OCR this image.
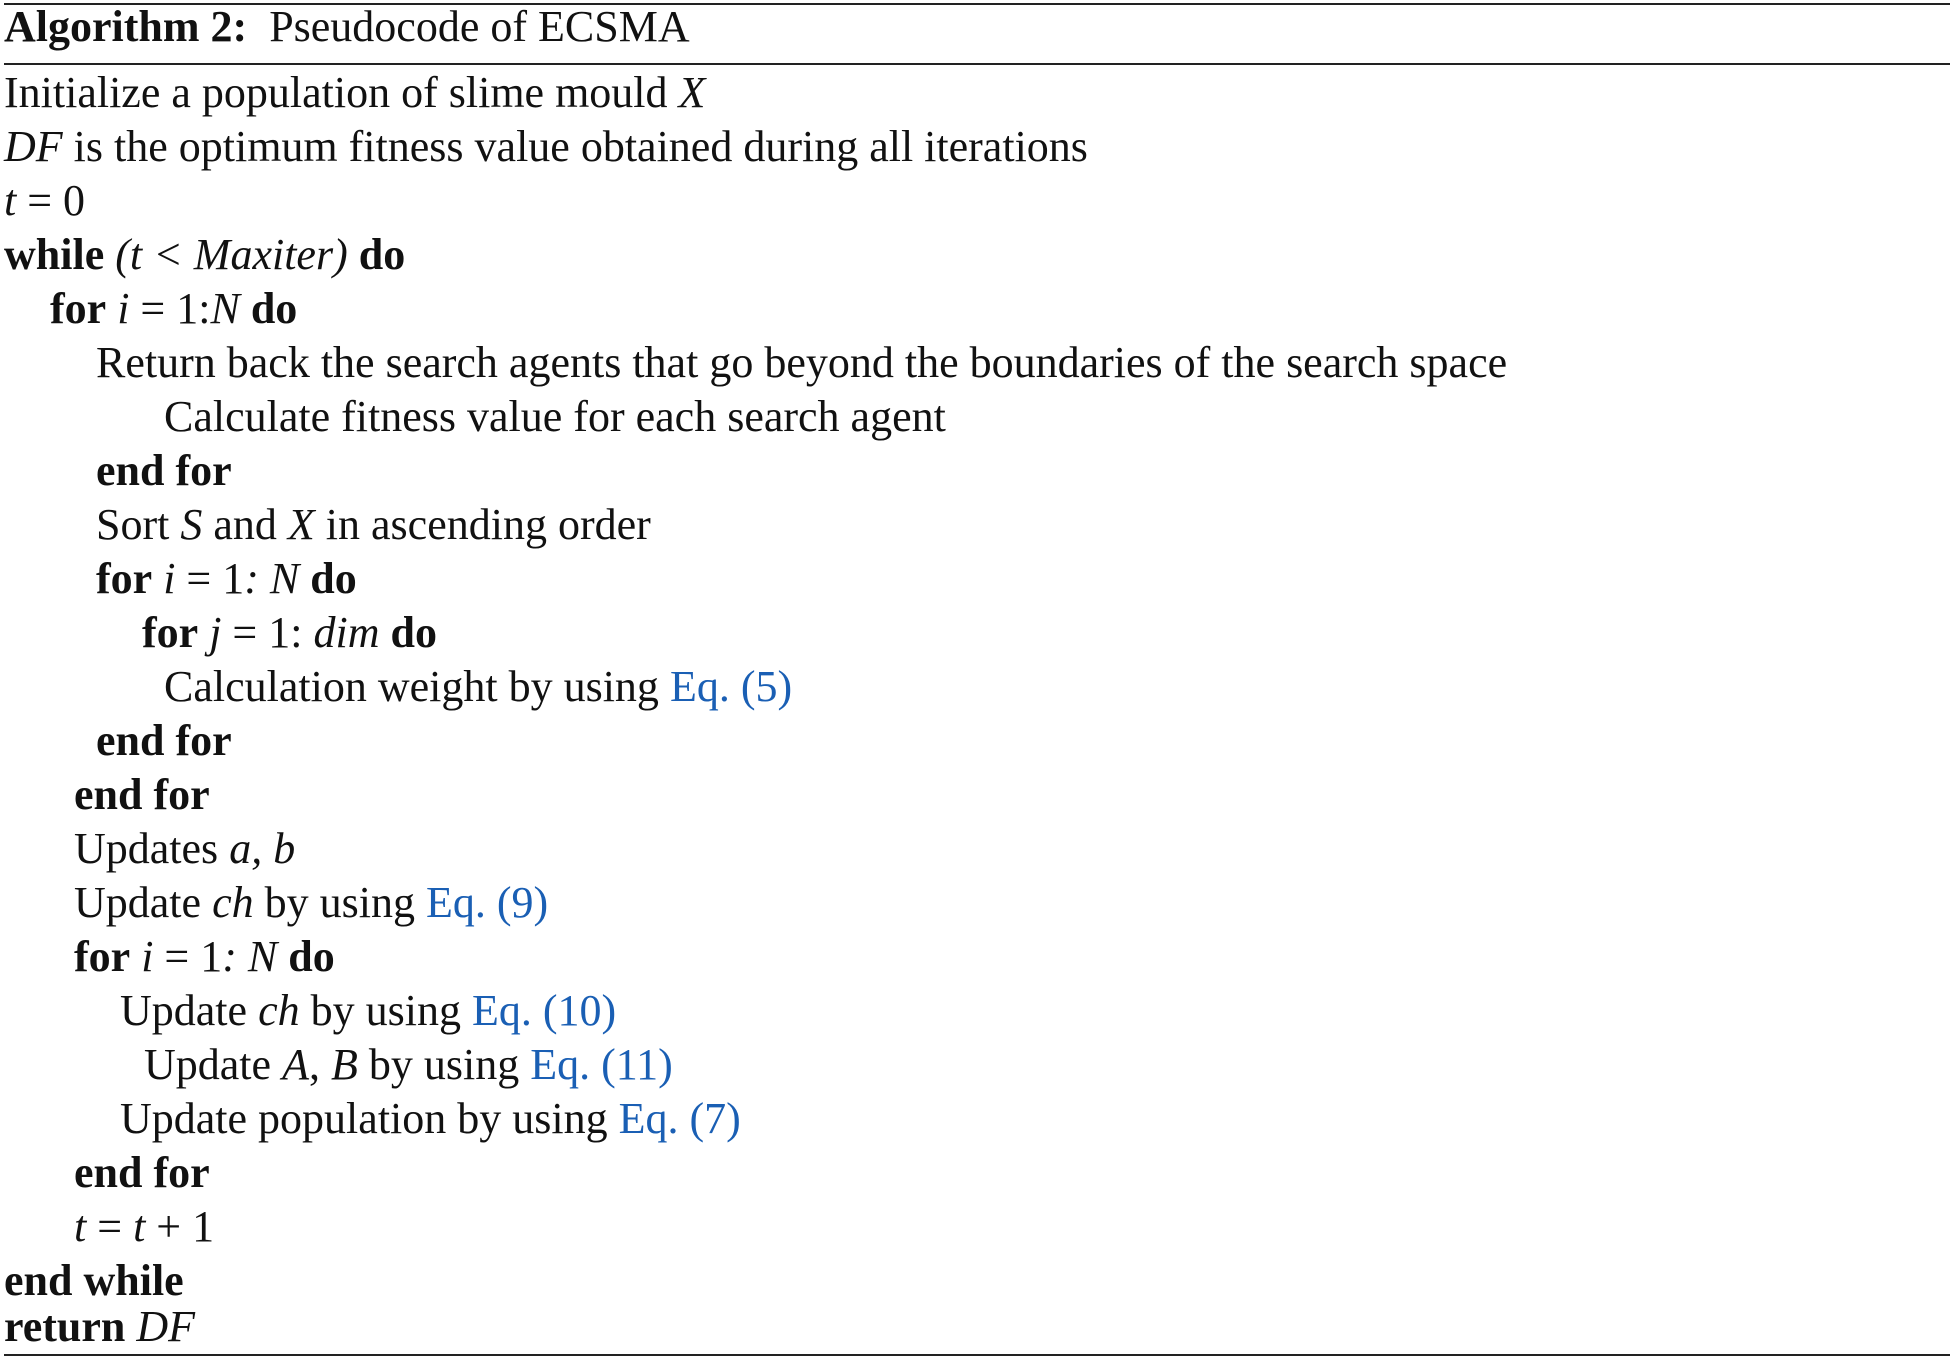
Algorithm 2: Pseudocode of ECSMA
Initialize a population of slime mould X
DF is the optimum fitness value obtained during all iterations
t = 0
while (t < Maxiter) do
for i = 1:N do
Return back the search agents that go beyond the boundaries of the search space
Calculate fitness value for each search agent
end for
Sort S and X in ascending order
for i = 1: N do
for j = 1: dim do
Calculation weight by using Eq. (5)
end for
end for
Updates a, b
Update ch by using Eq. (9)
for i = 1: N do
Update ch by using Eq. (10)
Update A, B by using Eq. (11)
Update population by using Eq. (7)
end for
t = t + 1
end while
return DF
